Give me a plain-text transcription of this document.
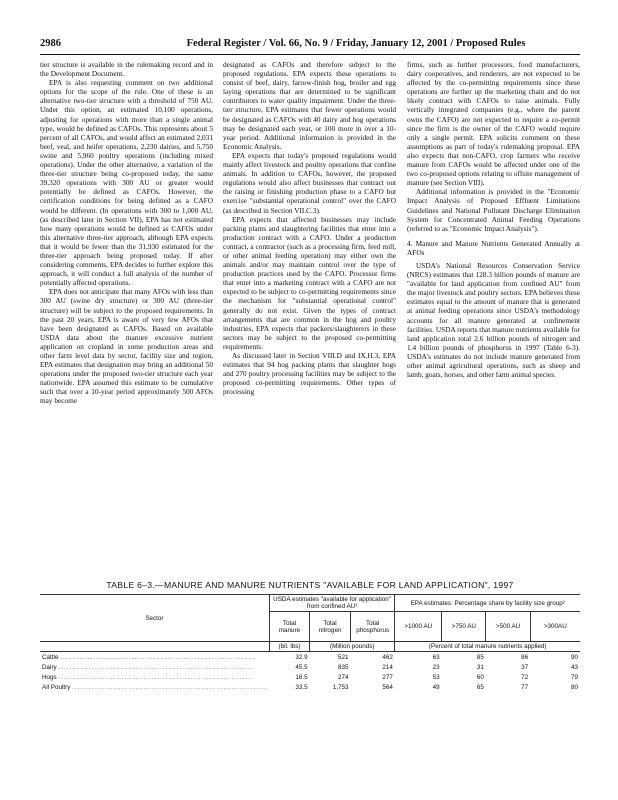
2986	Federal Register / Vol. 66, No. 9 / Friday, January 12, 2001 / Proposed Rules

tier structure is available in the rulemaking record and in the Development Document.

EPA is also requesting comment on two additional options for the scope of the rule. One of these is an alternative two-tier structure with a threshold of 750 AU. Under this option, an estimated 10,100 operations, adjusting for operations with more than a single animal type, would be defined as CAFOs. This represents about 5 percent of all CAFOs, and would affect an estimated 2,031 beef, veal, and heifer operations, 2,230 dairies, and 5,750 swine and 5,960 poultry operations (including mixed operations). Under the other alternative, a variation of the three-tier structure being co-proposed today, the same 39,320 operations with 300 AU or greater would potentially be defined as CAFOs. However, the certification conditions for being defined as a CAFO would be different. (In operations with 300 to 1,000 AU, (as described later in Section VII), EPA has not estimated how many operations would be defined as CAFOs under this alternative three-tier approach, although EPA expects that it would be fewer than the 31,930 estimated for the three-tier approach being proposed today. If after considering comments, EPA decides to further explore this approach, it will conduct a full analysis of the number of potentially affected operations.

EPA does not anticipate that many AFOs with less than 300 AU (swine dry structure) or 300 AU (three-tier structure) will be subject to the proposed requirements. In the past 20 years, EPA is aware of very few AFOs that have been designated as CAFOs. Based on available USDA data about the manure excessive nutrient application on cropland in some production areas and other farm level data by sector, facility size and region, EPA estimates that designation may bring an additional 50 operations under the proposed two-tier structure each year nationwide. EPA assumed this estimate to be cumulative such that over a 10-year period approximately 500 AFOs may become

designated as CAFOs and therefore subject to the proposed regulations. EPA expects these operations to consist of beef, dairy, farrow-finish hog, broiler and egg laying operations that are determined to be significant contributors to water quality impairment. Under the three-tier structure, EPA estimates that fewer operations would be designated as CAFOs with 40 dairy and hog operations may be designated each year, or 100 more in over a 10-year period. Additional information is provided in the Economic Analysis.

EPA expects that today's proposed regulations would mainly affect livestock and poultry operations that confine animals. In addition to CAFOs, however, the proposed regulations would also affect businesses that contract out the raising or finishing production phase to a CAFO but exercise "substantial operational control" over the CAFO (as described in Section VII.C.3).

EPA expects that affected businesses may include packing plants and slaughtering facilities that enter into a production contract with a CAFO. Under a production contract, a contractor (such as a processing firm, feed mill, or other animal feeding operation) may either own the animals and/or may maintain control over the type of production practices used by the CAFO. Processor firms that enter into a marketing contract with a CAFO are not expected to be subject to co-permitting requirements since the mechanism for "substantial operational control" generally do not exist. Given the types of contract arrangements that are common in the hog and poultry industries, EPA expects that packers/slaughterers in these sectors may be subject to the proposed co-permitting requirements.

As discussed later in Section VIII.D and IX.H.3, EPA estimates that 94 hog packing plants that slaughter hogs and 270 poultry processing facilities may be subject to the proposed co-permitting requirements. Other types of processing

firms, such as further processors, food manufacturers, dairy cooperatives, and renderers, are not expected to be affected by the co-permitting requirements since these operations are further up the marketing chain and do not likely contract with CAFOs to raise animals. Fully vertically integrated companies (e.g., where the parent owns the CAFO) are not expected to require a co-permit since the firm is the owner of the CAFO would require only a single permit. EPA solicits comment on these assumptions as part of today's rulemaking proposal. EPA also expects that non-CAFO, crop farmers who receive manure from CAFOs would be affected under one of the two co-proposed options relating to offsite management of manure (see Section VIII).

Additional information is provided in the "Economic Impact Analysis of Proposed Effluent Limitations Guidelines and National Pollutant Discharge Elimination System for Concentrated Animal Feeding Operations (referred to as "Economic Impact Analysis").

4. Manure and Manure Nutrients Generated Annually at AFOs

USDA's National Resources Conservation Service (NRCS) estimates that 128.3 billion pounds of manure are "available for land application from confined AU" from the major livestock and poultry sectors. EPA believes these estimates equal to the amount of manure that is generated at animal feeding operations since USDA's methodology accounts for all manure generated at confinement facilities. USDA reports that manure nutrients available for land application total 2.6 billion pounds of nitrogen and 1.4 billion pounds of phosphorus in 1997 (Table 6-3). USDA's estimates do not include manure generated from other animal agricultural operations, such as sheep and lamb, goats, horses, and other farm animal species.

TABLE 6–3.—MANURE AND MANURE NUTRIENTS "AVAILABLE FOR LAND APPLICATION", 1997
Sector	USDA estimates "available for application" from confined AU¹			EPA estimates: Percentage share by facility size group²			
	Total manure	Total nitrogen	Total phosphorus	>1000 AU	>750 AU	>500 AU	>300AU
	(bil. lbs)	(Million pounds)		(Percent of total manure nutrients applied)			
Cattle .......................................................................	32.9	521	462	63	85	86	90
Dairy .......................................................................	45.5	835	214	23	31	37	43
Hogs .......................................................................	16.5	274	277	53	60	72	79
All Poultry .......................................................................	33.5	1,753	564	49	65	77	80
